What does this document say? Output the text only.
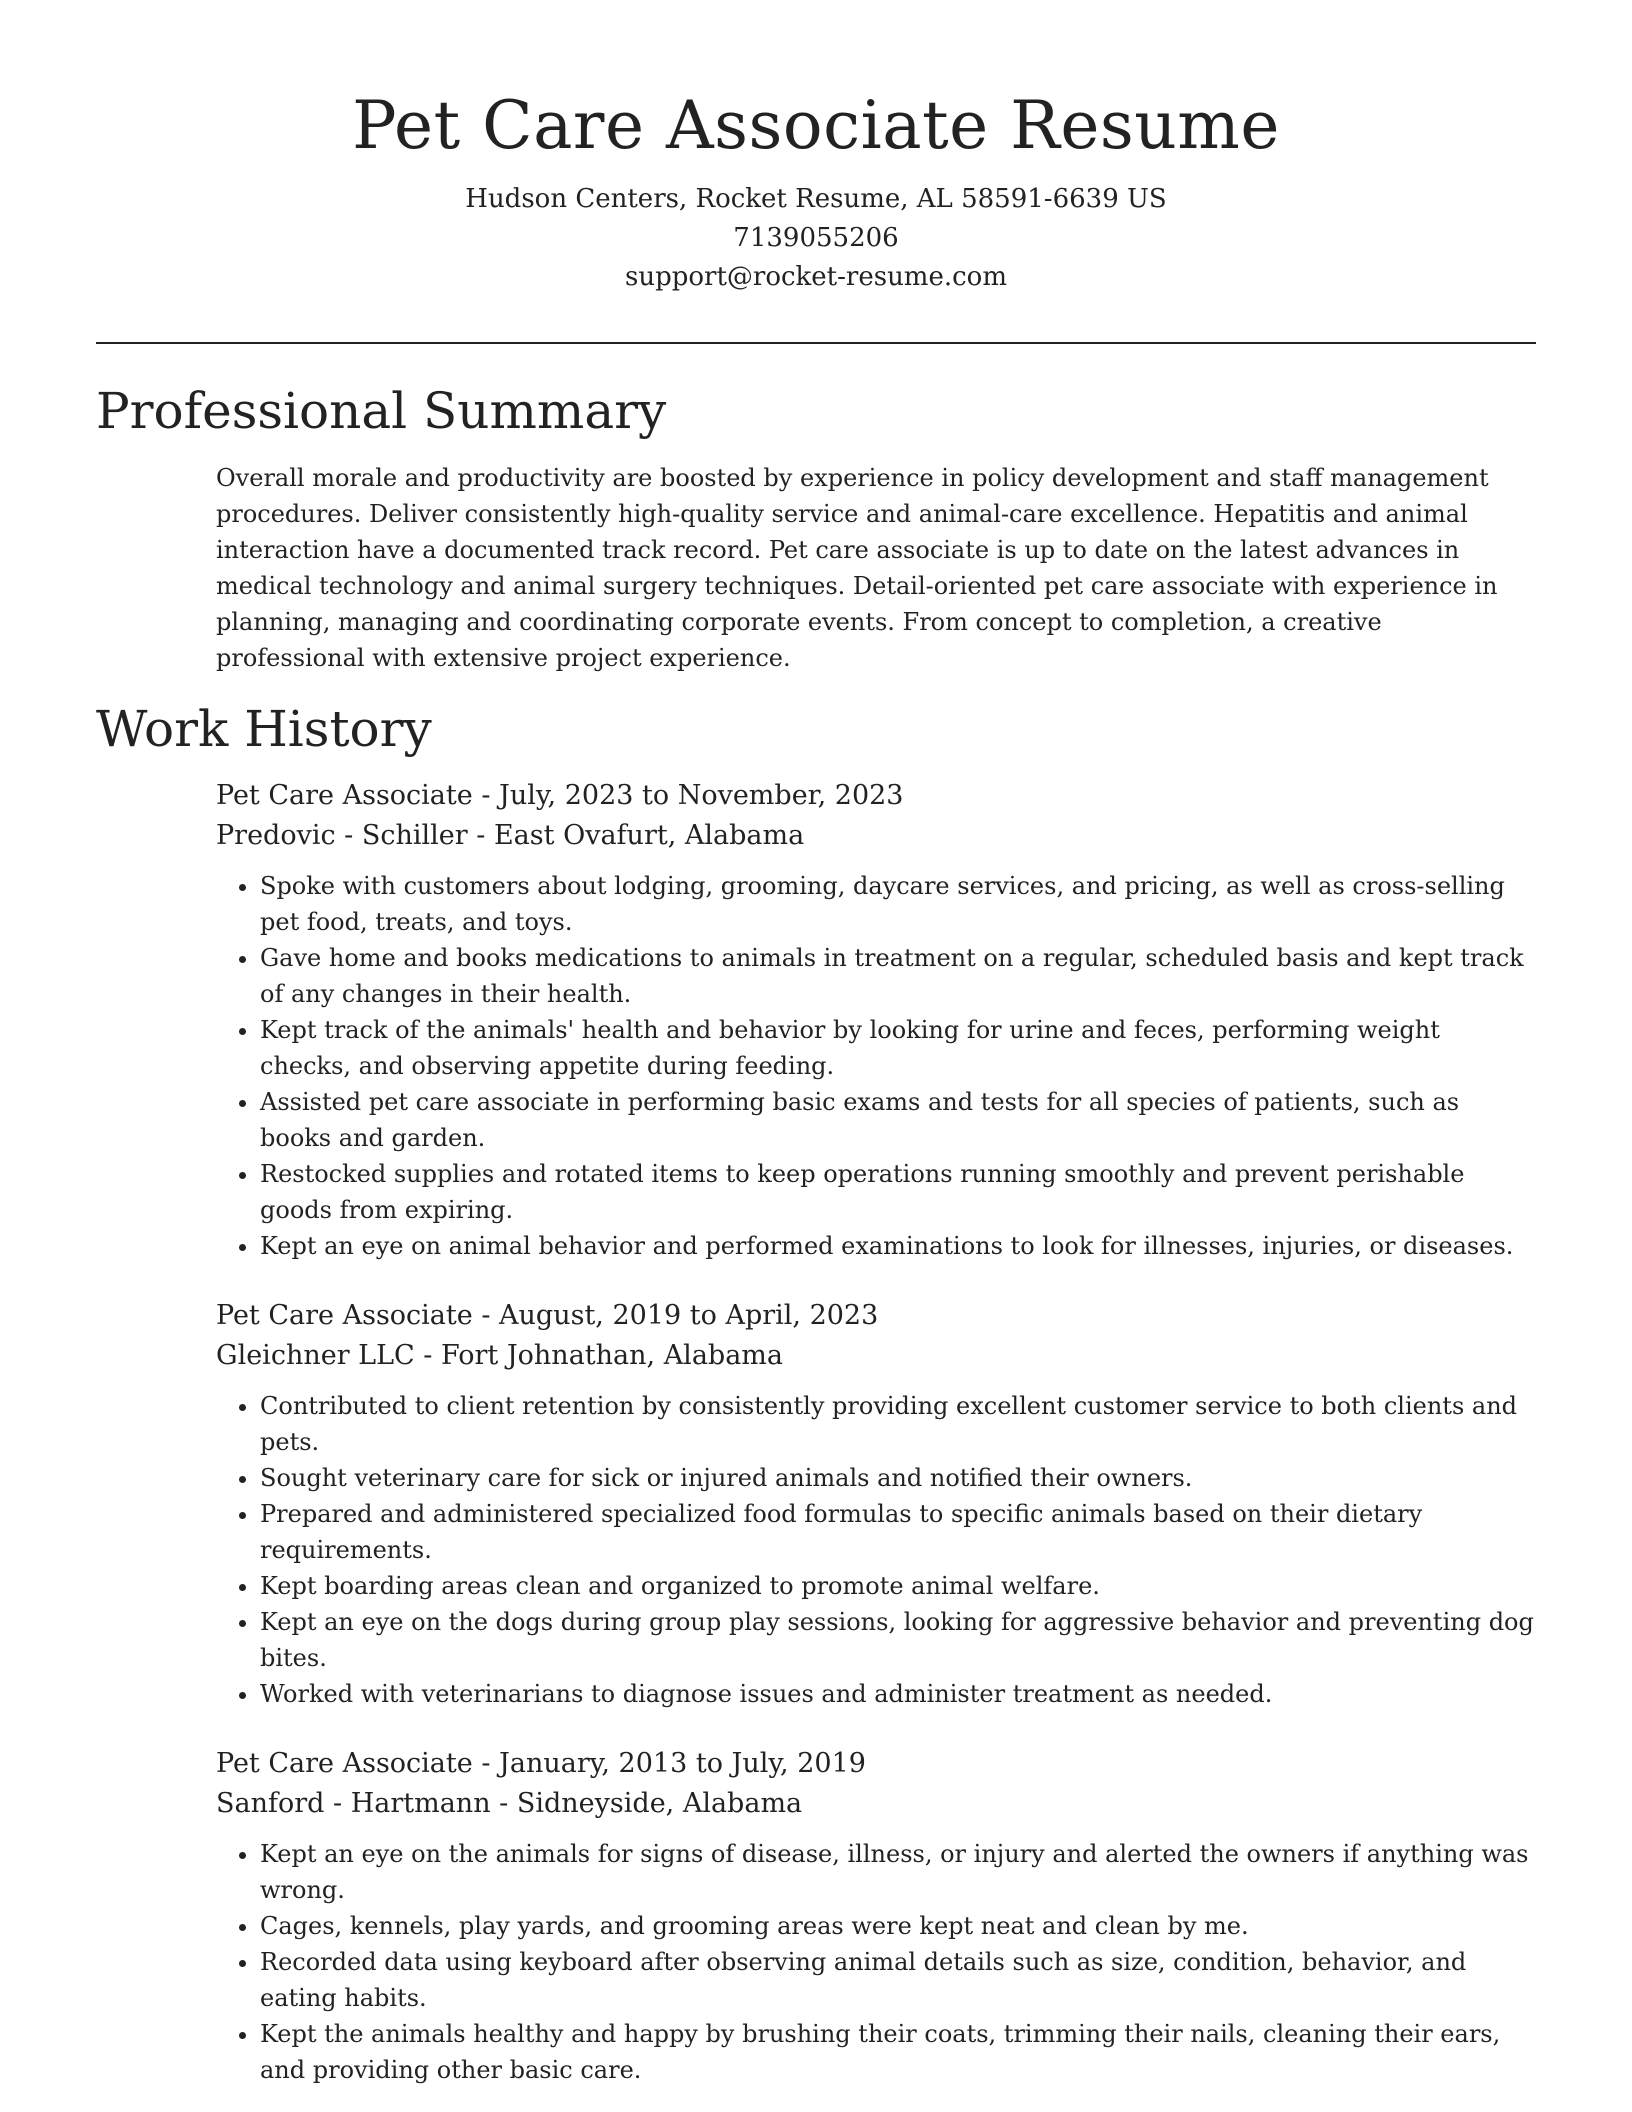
Pet Care Associate Resume

Hudson Centers, Rocket Resume, AL 58591-6639 US

7139055206

support@rocket-resume.com

Professional Summary

Overall morale and productivity are boosted by experience in policy development and staff management procedures. Deliver consistently high-quality service and animal-care excellence. Hepatitis and animal interaction have a documented track record. Pet care associate is up to date on the latest advances in medical technology and animal surgery techniques. Detail-oriented pet care associate with experience in planning, managing and coordinating corporate events. From concept to completion, a creative professional with extensive project experience.

Work History

Pet Care Associate - July, 2023 to November, 2023

Predovic - Schiller - East Ovafurt, Alabama

• Spoke with customers about lodging, grooming, daycare services, and pricing, as well as cross-selling pet food, treats, and toys.
• Gave home and books medications to animals in treatment on a regular, scheduled basis and kept track of any changes in their health.
• Kept track of the animals' health and behavior by looking for urine and feces, performing weight checks, and observing appetite during feeding.
• Assisted pet care associate in performing basic exams and tests for all species of patients, such as books and garden.
• Restocked supplies and rotated items to keep operations running smoothly and prevent perishable goods from expiring.
• Kept an eye on animal behavior and performed examinations to look for illnesses, injuries, or diseases.

Pet Care Associate - August, 2019 to April, 2023

Gleichner LLC - Fort Johnathan, Alabama

• Contributed to client retention by consistently providing excellent customer service to both clients and pets.
• Sought veterinary care for sick or injured animals and notified their owners.
• Prepared and administered specialized food formulas to specific animals based on their dietary requirements.
• Kept boarding areas clean and organized to promote animal welfare.
• Kept an eye on the dogs during group play sessions, looking for aggressive behavior and preventing dog bites.
• Worked with veterinarians to diagnose issues and administer treatment as needed.

Pet Care Associate - January, 2013 to July, 2019

Sanford - Hartmann - Sidneyside, Alabama

• Kept an eye on the animals for signs of disease, illness, or injury and alerted the owners if anything was wrong.
• Cages, kennels, play yards, and grooming areas were kept neat and clean by me.
• Recorded data using keyboard after observing animal details such as size, condition, behavior, and eating habits.
• Kept the animals healthy and happy by brushing their coats, trimming their nails, cleaning their ears, and providing other basic care.
